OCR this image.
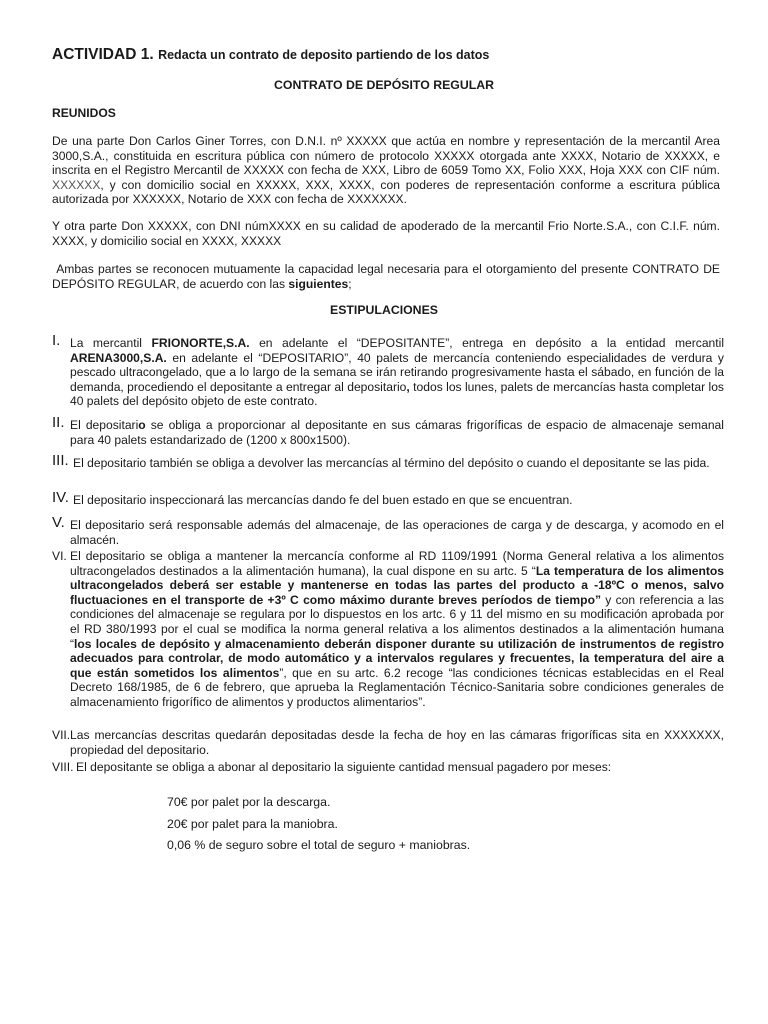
ACTIVIDAD 1. Redacta un contrato de deposito partiendo de los datos
CONTRATO DE DEPÓSITO REGULAR
REUNIDOS
De una parte Don Carlos Giner Torres, con D.N.I. nº XXXXX que actúa en nombre y representación de la mercantil Area 3000,S.A., constituida en escritura pública con número de protocolo XXXXX otorgada ante XXXX, Notario de XXXXX, e inscrita en el Registro Mercantil de XXXXX con fecha de XXX, Libro de 6059 Tomo XX, Folio XXX, Hoja XXX con CIF núm. XXXXXX, y con domicilio social en XXXXX, XXX, XXXX, con poderes de representación conforme a escritura pública autorizada por XXXXXX, Notario de XXX con fecha de XXXXXXX.
Y otra parte Don XXXXX, con DNI númXXXX en su calidad de apoderado de la mercantil Frio Norte.S.A., con C.I.F. núm. XXXX, y domicilio social en XXXX, XXXXX
Ambas partes se reconocen mutuamente la capacidad legal necesaria para el otorgamiento del presente CONTRATO DE DEPÓSITO REGULAR, de acuerdo con las siguientes;
ESTIPULACIONES
I. La mercantil FRIONORTE,S.A. en adelante el “DEPOSITANTE”, entrega en depósito a la entidad mercantil ARENA3000,S.A. en adelante el “DEPOSITARIO”, 40 palets de mercancía conteniendo especialidades de verdura y pescado ultracongelado, que a lo largo de la semana se irán retirando progresivamente hasta el sábado, en función de la demanda, procediendo el depositante a entregar al depositario, todos los lunes, palets de mercancías hasta completar los 40 palets del depósito objeto de este contrato.
II. El depositario se obliga a proporcionar al depositante en sus cámaras frigoríficas de espacio de almacenaje semanal para 40 palets estandarizado de (1200 x 800x1500).
III. El depositario también se obliga a devolver las mercancías al término del depósito o cuando el depositante se las pida.
IV. El depositario inspeccionará las mercancías dando fe del buen estado en que se encuentran.
V. El depositario será responsable además del almacenaje, de las operaciones de carga y de descarga, y acomodo en el almacén.
VI. El depositario se obliga a mantener la mercancía conforme al RD 1109/1991 (Norma General relativa a los alimentos ultracongelados destinados a la alimentación humana), la cual dispone en su artc. 5 “La temperatura de los alimentos ultracongelados deberá ser estable y mantenerse en todas las partes del producto a -18ºC o menos, salvo fluctuaciones en el transporte de +3º C como máximo durante breves períodos de tiempo” y con referencia a las condiciones del almacenaje se regulara por lo dispuestos en los artc. 6 y 11 del mismo en su modificación aprobada por el RD 380/1993 por el cual se modifica la norma general relativa a los alimentos destinados a la alimentación humana “los locales de depósito y almacenamiento deberán disponer durante su utilización de instrumentos de registro adecuados para controlar, de modo automático y a intervalos regulares y frecuentes, la temperatura del aire a que están sometidos los alimentos”, que en su artc. 6.2 recoge “las condiciones técnicas establecidas en el Real Decreto 168/1985, de 6 de febrero, que aprueba la Reglamentación Técnico-Sanitaria sobre condiciones generales de almacenamiento frigorífico de alimentos y productos alimentarios”.
VII. Las mercancías descritas quedarán depositadas desde la fecha de hoy en las cámaras frigoríficas sita en XXXXXXX, propiedad del depositario.
VIII. El depositante se obliga a abonar al depositario la siguiente cantidad mensual pagadero por meses:
70€ por palet por la descarga.
20€ por palet para la maniobra.
0,06 % de seguro sobre el total de seguro + maniobras.
